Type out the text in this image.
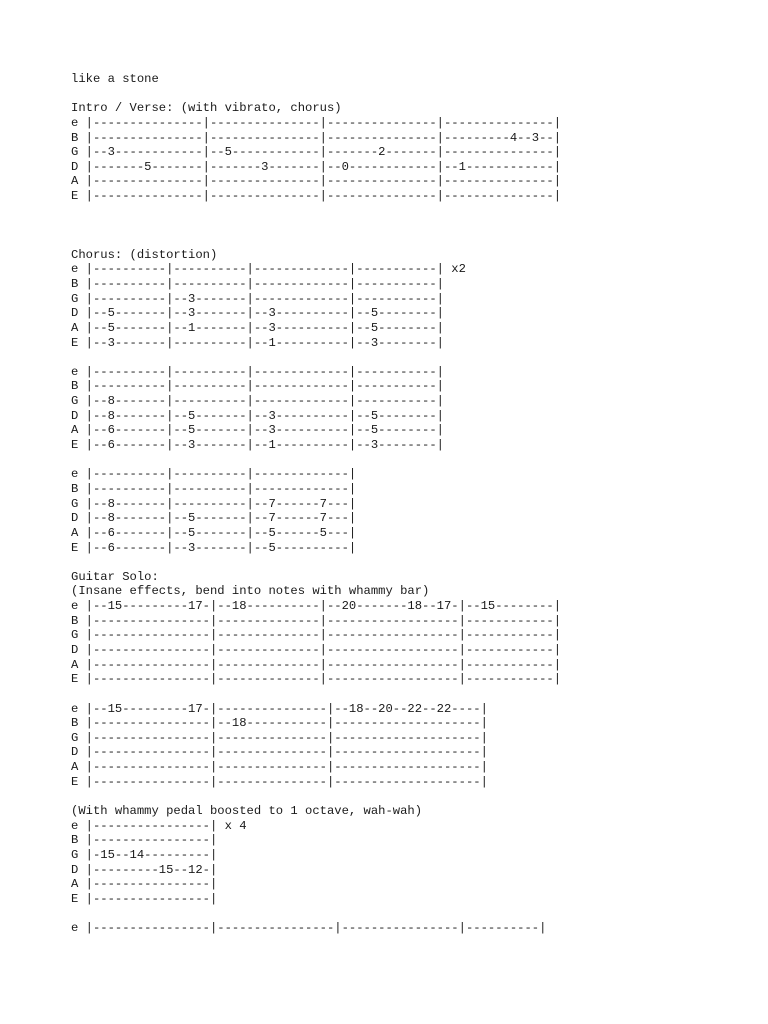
like a stone
Intro / Verse: (with vibrato, chorus)
e |---------------|---------------|---------------|---------------|
B |---------------|---------------|---------------|---------4--3--|
G |--3------------|--5------------|-------2-------|---------------|
D |-------5-------|-------3-------|--0------------|--1------------|
A |---------------|---------------|---------------|---------------|
E |---------------|---------------|---------------|---------------|
Chorus: (distortion)
e |----------|----------|-------------|-----------| x2
B |----------|----------|-------------|-----------|
G |----------|--3-------|-------------|-----------|
D |--5-------|--3-------|--3----------|--5--------|
A |--5-------|--1-------|--3----------|--5--------|
E |--3-------|----------|--1----------|--3--------|
e |----------|----------|-------------|-----------|
B |----------|----------|-------------|-----------|
G |--8-------|----------|-------------|-----------|
D |--8-------|--5-------|--3----------|--5--------|
A |--6-------|--5-------|--3----------|--5--------|
E |--6-------|--3-------|--1----------|--3--------|
e |----------|----------|-------------|
B |----------|----------|-------------|
G |--8-------|----------|--7------7---|
D |--8-------|--5-------|--7------7---|
A |--6-------|--5-------|--5------5---|
E |--6-------|--3-------|--5----------|
Guitar Solo:
(Insane effects, bend into notes with whammy bar)
e |--15---------17-|--18----------|--20-------18--17-|--15--------|
B |----------------|--------------|------------------|------------|
G |----------------|--------------|------------------|------------|
D |----------------|--------------|------------------|------------|
A |----------------|--------------|------------------|------------|
E |----------------|--------------|------------------|------------|
e |--15---------17-|---------------|--18--20--22--22----|
B |----------------|--18-----------|--------------------|
G |----------------|---------------|--------------------|
D |----------------|---------------|--------------------|
A |----------------|---------------|--------------------|
E |----------------|---------------|--------------------|
(With whammy pedal boosted to 1 octave, wah-wah)
e |----------------| x 4
B |----------------|
G |-15--14---------|
D |---------15--12-|
A |----------------|
E |----------------|
e |----------------|----------------|----------------|----------|
